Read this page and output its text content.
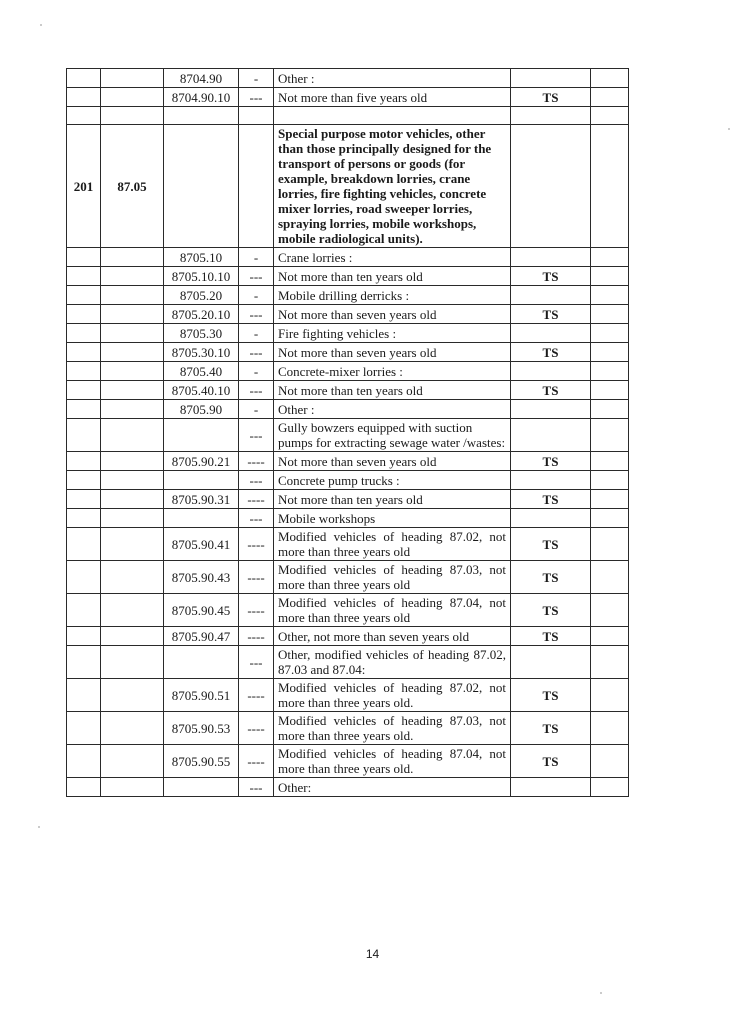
		8704.90	-	Other :		
		8704.90.10	---	Not more than five years old	TS	

201	87.05			Special purpose motor vehicles, other than those principally designed for the transport of persons or goods (for example, breakdown lorries, crane lorries, fire fighting vehicles, concrete mixer lorries, road sweeper lorries, spraying lorries, mobile workshops, mobile radiological units).		
		8705.10	-	Crane lorries :		
		8705.10.10	---	Not more than ten years old	TS	
		8705.20	-	Mobile drilling derricks :		
		8705.20.10	---	Not more than seven years old	TS	
		8705.30	-	Fire fighting vehicles :		
		8705.30.10	---	Not more than seven years old	TS	
		8705.40	-	Concrete-mixer lorries :		
		8705.40.10	---	Not more than ten years old	TS	
		8705.90	-	Other :		
			---	Gully bowzers equipped with suction pumps for extracting sewage water /wastes:		
		8705.90.21	----	Not more than seven years old	TS	
			---	Concrete pump trucks :		
		8705.90.31	----	Not more than ten years old	TS	
			---	Mobile workshops		
		8705.90.41	----	Modified vehicles of heading 87.02, not more than three years old	TS	
		8705.90.43	----	Modified vehicles of heading 87.03, not more than three years old	TS	
		8705.90.45	----	Modified vehicles of heading 87.04, not more than three years old	TS	
		8705.90.47	----	Other, not more than seven years old	TS	
			---	Other, modified vehicles of heading 87.02, 87.03 and 87.04:		
		8705.90.51	----	Modified vehicles of heading 87.02, not more than three years old.	TS	
		8705.90.53	----	Modified vehicles of heading 87.03, not more than three years old.	TS	
		8705.90.55	----	Modified vehicles of heading 87.04, not more than three years old.	TS	
			---	Other:		
14
